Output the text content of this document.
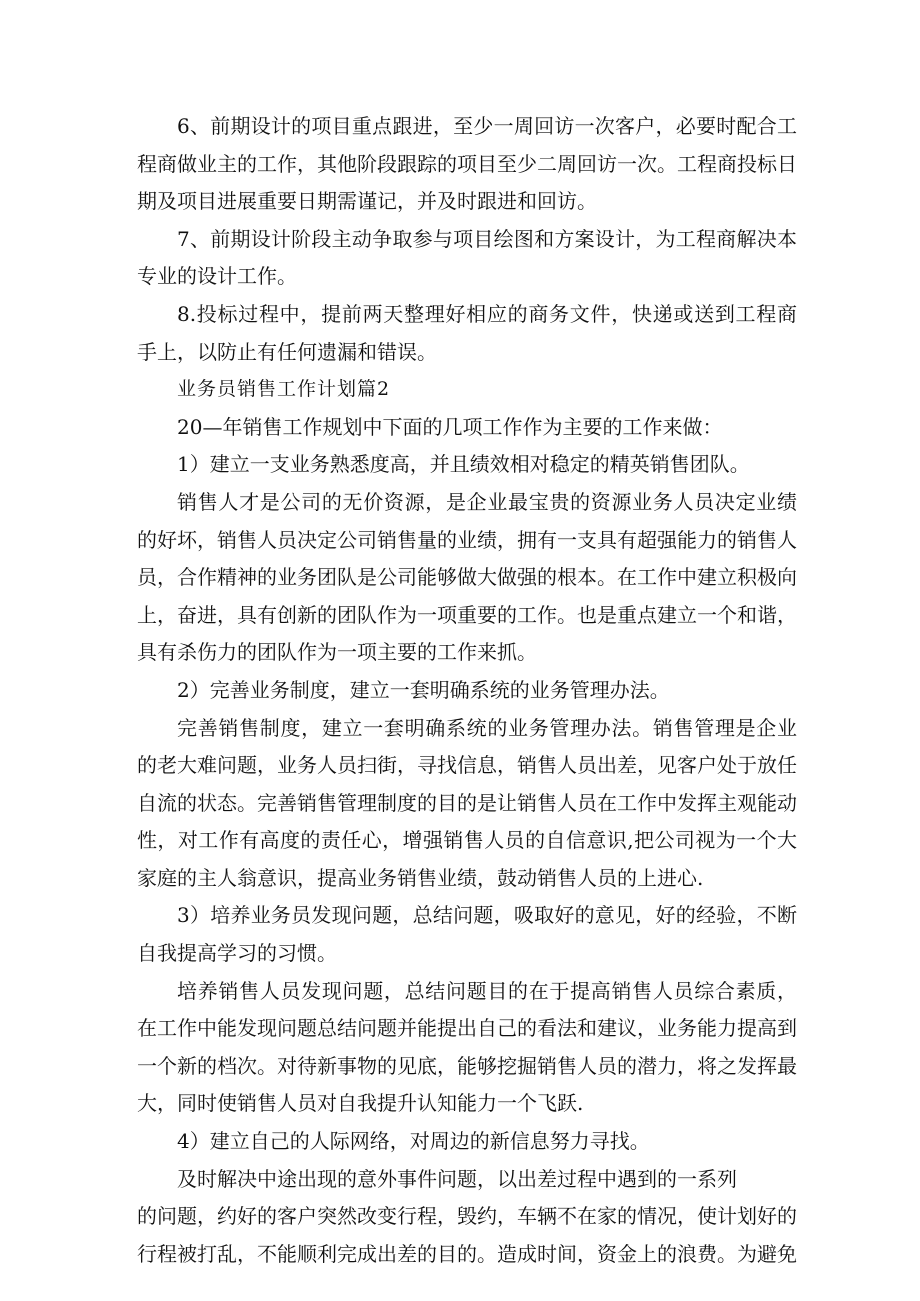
6、前期设计的项目重点跟进，至少一周回访一次客户，必要时配合工
程商做业主的工作，其他阶段跟踪的项目至少二周回访一次。工程商投标日
期及项目进展重要日期需谨记，并及时跟进和回访。
7、前期设计阶段主动争取参与项目绘图和方案设计，为工程商解决本
专业的设计工作。
8.投标过程中，提前两天整理好相应的商务文件，快递或送到工程商
手上，以防止有任何遗漏和错误。
业务员销售工作计划篇2
20—年销售工作规划中下面的几项工作作为主要的工作来做：
1）建立一支业务熟悉度高，并且绩效相对稳定的精英销售团队。
销售人才是公司的无价资源，是企业最宝贵的资源业务人员决定业绩
的好坏，销售人员决定公司销售量的业绩，拥有一支具有超强能力的销售人
员，合作精神的业务团队是公司能够做大做强的根本。在工作中建立积极向
上，奋进，具有创新的团队作为一项重要的工作。也是重点建立一个和谐，
具有杀伤力的团队作为一项主要的工作来抓。
2）完善业务制度，建立一套明确系统的业务管理办法。
完善销售制度，建立一套明确系统的业务管理办法。销售管理是企业
的老大难问题，业务人员扫街，寻找信息，销售人员出差，见客户处于放任
自流的状态。完善销售管理制度的目的是让销售人员在工作中发挥主观能动
性，对工作有高度的责任心，增强销售人员的自信意识,把公司视为一个大
家庭的主人翁意识，提高业务销售业绩，鼓动销售人员的上进心.
3）培养业务员发现问题，总结问题，吸取好的意见，好的经验，不断
自我提高学习的习惯。
培养销售人员发现问题，总结问题目的在于提高销售人员综合素质，
在工作中能发现问题总结问题并能提出自己的看法和建议，业务能力提高到
一个新的档次。对待新事物的见底，能够挖掘销售人员的潜力，将之发挥最
大，同时使销售人员对自我提升认知能力一个飞跃.
4）建立自己的人际网络，对周边的新信息努力寻找。
及时解决中途出现的意外事件问题，以出差过程中遇到的一系列
的问题，约好的客户突然改变行程，毁约，车辆不在家的情况，使计划好的
行程被打乱，不能顺利完成出差的目的。造成时间，资金上的浪费。为避免
